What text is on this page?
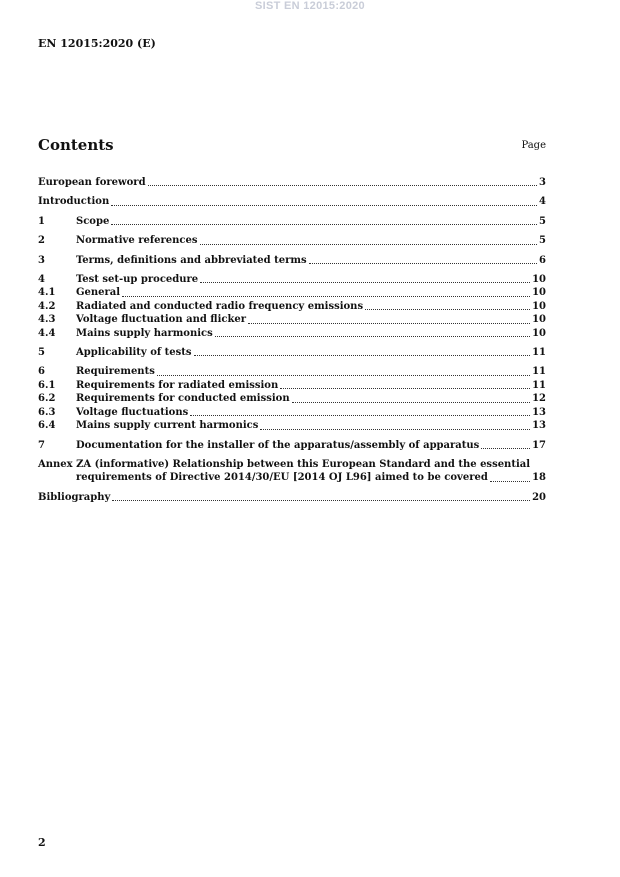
SIST EN 12015:2020
EN 12015:2020 (E)
Contents	Page
European foreword	3
Introduction	4
1	Scope	5
2	Normative references	5
3	Terms, definitions and abbreviated terms	6
4	Test set-up procedure	10
4.1	General	10
4.2	Radiated and conducted radio frequency emissions	10
4.3	Voltage fluctuation and flicker	10
4.4	Mains supply harmonics	10
5	Applicability of tests	11
6	Requirements	11
6.1	Requirements for radiated emission	11
6.2	Requirements for conducted emission	12
6.3	Voltage fluctuations	13
6.4	Mains supply current harmonics	13
7	Documentation for the installer of the apparatus/assembly of apparatus	17
Annex ZA (informative) Relationship between this European Standard and the essential
requirements of Directive 2014/30/EU [2014 OJ L96] aimed to be covered	18
Bibliography	20
2
